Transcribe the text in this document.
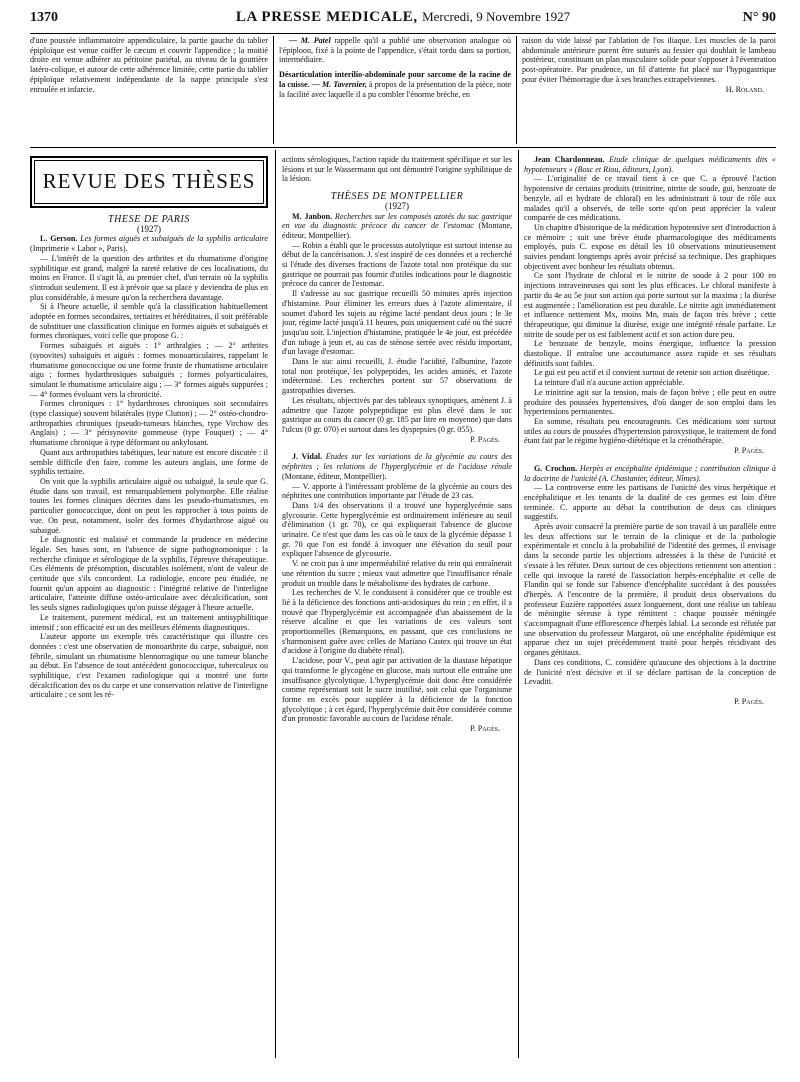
1370	LA PRESSE MEDICALE, Mercredi, 9 Novembre 1927	N° 90

d'une poussée inflammatoire appendiculaire, la partie gauche du tablier épiploïque est venue coiffer le cæcum et couvrir l'appendice ; la moitié droite est venue adhérer au péritoine pariétal, au niveau de la gouttière latéro-colique, et autour de cette adhérence limitée, cette partie du tablier épiploïque relativement indépendante de la nappe principale s'est enroulée et infarcie.

— M. Patel rappelle qu'il a publié une observation analogue où l'épiploon, fixé à la pointe de l'appendice, s'était tordu dans sa portion, intermédiaire.

Désarticulation interilio-abdominale pour sarcome de la racine de la cuisse. — M. Tavernier, à propos de la présentation de la pièce, note la facilité avec laquelle il a pu combler l'énorme brèche, en

raison du vide laissé par l'ablation de l'os iliaque. Les muscles de la paroi abdominale antérieure purent être suturés au fessier qui doublait le lambeau postérieur, constituant un plan musculaire solide pour s'opposer à l'éventration post-opératoire. Par prudence, un fil d'attente fut placé sur l'hypogastrique pour éviter l'hémorragie due à ses branches extrapelviennes.

H. Roland.

REVUE DES THÈSES

THÈSE DE PARIS

(1927)

L. Gerson. Les formes aiguës et subaiguës de la syphilis articulaire (Imprimerie « Labor », Paris).

— L'intérêt de la question des arthrites et du rhumatisme d'origine syphilitique est grand, malgré la rareté relative de ces localisations, du moins en France. Il s'agit là, au premier chef, d'un terrain où la syphilis s'introduit seulement. Il est à prévoir que sa place y deviendra de plus en plus considérable, à mesure qu'on la recherchera davantage.

Si à l'heure actuelle, il semble qu'à la classification habituellement adoptée en formes secondaires, tertiaires et héréditaires, il soit préférable de substituer une classification clinique en formes aiguës et subaiguës et formes chroniques, voici celle que propose G. :

Formes subaiguës et aiguës : 1° arthralgies ; — 2° arthrites (synovites) subaiguës et aiguës : formes monoarticulaires, rappelant le rhumatisme gonococcique ou une forme fruste de rhumatisme articulaire aigu ; formes hydarthrosiques subaiguës ; formes polyarticulaires, simulant le rhumatisme articulaire aigu ; — 3° formes aiguës suppurées ; — 4° formes évoluant vers la chronicité.

Formes chroniques : 1° hydarthroses chroniques soit secondaires (type classique) souvent bilatérales (type Clutton) ; — 2° ostéo-chondro-arthropathies chroniques (pseudo-tumeurs blanches, type Virchow des Anglais) ; — 3° périsynovite gommeuse (type Fouquet) ; — 4° rhumatisme chronique à type déformant ou ankylosant.

Quant aux arthropathies tabétiques, leur nature est encore discutée : il semble difficile d'en faire, comme les auteurs anglais, une forme de syphilis tertiaire.

On voit que la syphilis articulaire aiguë ou subaiguë, la seule que G. étudie dans son travail, est remarquablement polymorphe. Elle réalise toutes les formes cliniques décrites dans les pseudo-rhumatismes, en particulier gonococcique, dont on peut les rapprocher à tous points de vue. On peut, notamment, isoler des formes d'hydarthrose aiguë ou subaiguë.

Le diagnostic est malaisé et commande la prudence en médecine légale. Ses bases sont, en l'absence de signe pathognomonique : la recherche clinique et sérologique de la syphilis, l'épreuve thérapeutique. Ces éléments de présomption, discutables isolément, n'ont de valeur de certitude que s'ils concordent. La radiologie, encore peu étudiée, ne fournit qu'un appoint au diagnostic : l'intégrité relative de l'interligne articulaire, l'atteinte diffuse ostéo-articulaire avec décalcification, sont les seuls signes radiologiques qu'on puisse dégager à l'heure actuelle.

Le traitement, purement médical, est un traitement antisyphilitique intensif ; son efficacité est un des meilleurs éléments diagnostiques.

L'auteur apporte un exemple très caractéristique qui illustre ces données : c'est une observation de monoarthrite du carpe, subaiguë, non fébrile, simulant un rhumatisme blennorragique ou une tumeur blanche au début. En l'absence de tout antécédent gonococcique, tuberculeux ou syphilitique, c'est l'examen radiologique qui a montré une forte décalcification des os du carpe et une conservation relative de l'interligne articulaire ; ce sont les ré-

actions sérologiques, l'action rapide du traitement spécifique et sur les lésions et sur le Wassermann qui ont démontré l'origine syphilitique de la lésion.

THÈSES DE MONTPELLIER

(1927)

M. Janbon. Recherches sur les composés azotés du suc gastrique en vue du diagnostic précoce du cancer de l'estomac (Montane, éditeur, Montpellier).

— Robin a établi que le processus autolytique est surtout intense au début de la cancérisation. J. s'est inspiré de ces données et a recherché si l'étude des diverses fractions de l'azote total non protéique du suc gastrique ne pourrait pas fournir d'utiles indications pour le diagnostic précoce du cancer de l'estomac.

Il s'adresse au suc gastrique recueilli 50 minutes après injection d'histamine. Pour éliminer les erreurs dues à l'azote alimentaire, il soumet d'abord les sujets au régime lacté pendant deux jours ; le 3e jour, régime lacté jusqu'à 11 heures, puis uniquement café ou thé sucré jusqu'au soir. L'injection d'histamine, pratiquée le 4e jour, est précédée d'un tubage à jeun et, au cas de sténose serrée avec résidu important, d'un lavage d'estomac.

Dans le suc ainsi recueilli, J. étudie l'acidité, l'albumine, l'azote total non protéique, les polypeptides, les acides aminés, et l'azote indéterminé. Les recherches portent sur 57 observations de gastropathies diverses.

Les résultats, objectivés par des tableaux synoptiques, amènent J. à admettre que l'azote polypeptidique est plus élevé dans le suc gastrique au cours du cancer (0 gr. 185 par litre en moyenne) que dans l'ulcus (0 gr. 070) et surtout dans les dyspepsies (0 gr. 055).

P. Pagès.

J. Vidal. Etudes sur les variations de la glycémie au cours des néphrites ; les relations de l'hyperglycémie et de l'acidose rénale (Montane, éditeur, Montpellier).

— V. apporte à l'intéressant problème de la glycémie au cours des néphrites une contribution importante par l'étude de 23 cas.

Dans 1/4 des observations il a trouvé une hyperglycémie sans glycosurie. Cette hyperglycémie est ordinairement inférieure au seuil d'élimination (1 gr. 70), ce qui expliquerait l'absence de glucose urinaire. Ce n'est que dans les cas où le taux de la glycémie dépasse 1 gr. 70 que l'on est fondé à invoquer une élévation du seuil pour expliquer l'absence de glycosurie.

V. ne croit pas à une imperméabilité relative du rein qui entraînerait une rétention du sucre ; mieux vaut admettre que l'insuffisance rénale produit un trouble dans le métabolisme des hydrates de carbone.

Les recherches de V. le conduisent à considérer que ce trouble est lié à la déficience des fonctions anti-acidosiques du rein ; en effet, il a trouvé que l'hyperglycémie est accompagnée d'un abaissement de la réserve alcaline et que les variations de ces valeurs sont proportionnelles (Remarquons, en passant, que ces conclusions ne s'harmonisent guère avec celles de Mariano Castex qui trouve un état d'acidose à l'origine du diabète rénal).

L'acidose, pour V., peut agir par activation de la diastase hépatique qui transforme le glycogène en glucose, mais surtout elle entraîne une insuffisance glycolytique. L'hyperglycémie doit donc être considérée comme représentant soit le sucre inutilisé, soit celui que l'organisme forme en excès pour suppléer à la déficience de la fonction glycolytique ; à cet égard, l'hyperglycémie doit être considérée comme d'un pronostic favorable au cours de l'acidose rénale.

P. Pagès.

Jean Chardonneau. Etude clinique de quelques médicaments dits « hypotenseurs » (Bosc et Riou, éditeurs, Lyon).

— L'originalité de ce travail tient à ce que C. a éprouvé l'action hypotensive de certains produits (trinitrine, nitrite de soude, gui, benzoate de benzyle, ail et hydrate de chloral) en les administrant à tour de rôle aux malades qu'il a observés, de telle sorte qu'on peut apprécier la valeur comparée de ces médications.

Un chapitre d'historique de la médication hypotensive sert d'introduction à ce mémoire ; suit une brève étude pharmacologique des médicaments employés, puis C. expose en détail les 10 observations minutieusement suivies pendant longtemps après avoir précisé sa technique. Des graphiques objectivent avec bonheur les résultats obtenus.

Ce sont l'hydrate de chloral et le nitrite de soude à 2 pour 100 en injections intraveineuses qui sont les plus efficaces. Le chloral manifeste à partir du 4e au 5e jour son action qui porte surtout sur la maxima ; la diurèse est augmentée ; l'amélioration est peu durable. Le nitrite agit immédiatement et influence nettement Mx, moins Mn, mais de façon très brève ; cette thérapeutique, qui diminue la diurèse, exige une intégrité rénale parfaite. Le nitrite de soude per os est faiblement actif et son action dure peu.

Le benzoate de benzyle, moins énergique, influence la pression diastolique. Il entraîne une accoutumance assez rapide et ses résultats définitifs sont faibles.

Le gui est peu actif et il convient surtout de retenir son action diurétique.

La teinture d'ail n'a aucune action appréciable.

Le trinitrine agit sur la tension, mais de façon brève ; elle peut en outre produire des poussées hypertensives, d'où danger de son emploi dans les hypertensions permanentes.

En somme, résultats peu encourageants. Ces médications sont surtout utiles au cours de poussées d'hypertension paroxystique, le traitement de fond étant fait par le régime hygiéno-diététique et la crénothérapie.

P. Pagès.

G. Crochon. Herpès et encéphalite épidémique ; contribution clinique à la doctrine de l'unicité (A. Chastanier, éditeur, Nîmes).

— La controverse entre les partisans de l'unicité des virus herpétique et encéphalitique et les tenants de la dualité de ces germes est loin d'être terminée. C. apporte au débat la contribution de deux cas cliniques suggestifs.

Après avoir consacré la première partie de son travail à un parallèle entre les deux affections sur le terrain de la clinique et de la pathologie expérimentale et conclu à la probabilité de l'identité des germes, il envisage dans la seconde partie les objections adressées à la thèse de l'unicité et s'essaie à les réfuter. Deux surtout de ces objections retiennent son attention : celle qui invoque la rareté de l'association herpès-encéphalite et celle de Flandin qui se fonde sur l'absence d'encéphalite succédant à des poussées d'herpès. A l'encontre de la première, il produit deux observations du professeur Euzière rapportées assez longuement, dont une réalise un tableau de méningite séreuse à type rémittent : chaque poussée méningée s'accompagnait d'une efflorescence d'herpès labial. La seconde est réfutée par une observation du professeur Margarot, où une encéphalite épidémique est apparue chez un sujet précédemment traité pour herpès récidivant des organes génitaux.

Dans ces conditions, C. considère qu'aucune des objections à la doctrine de l'unicité n'est décisive et il se déclare partisan de la conception de Levaditi.

P. Pagès.
